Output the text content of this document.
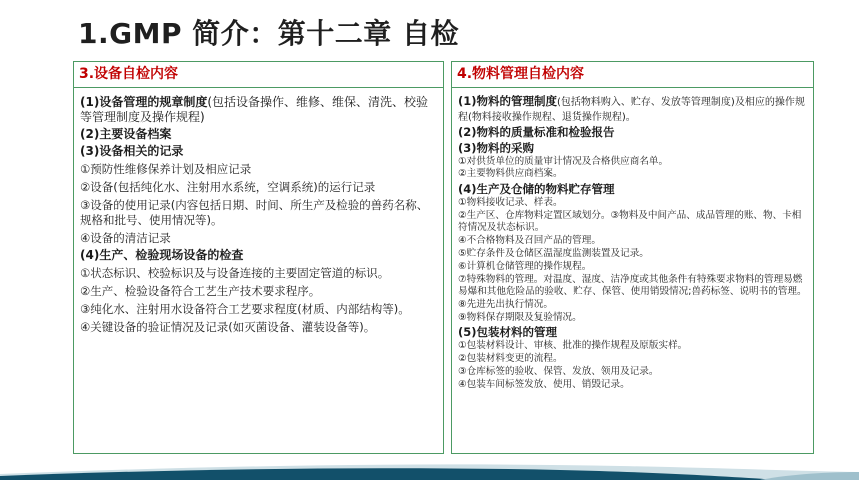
1.GMP 简介：第十二章 自检
3.设备自检内容
(1)设备管理的规章制度(包括设备操作、维修、维保、清洗、校验等管理制度及操作规程)
(2)主要设备档案
(3)设备相关的记录
①预防性维修保养计划及相应记录
②设备(包括纯化水、注射用水系统，空调系统)的运行记录
③设备的使用记录(内容包括日期、时间、所生产及检验的兽药名称、规格和批号、使用情况等)。
④设备的清洁记录
(4)生产、检验现场设备的检查
①状态标识、校验标识及与设备连接的主要固定管道的标识。
②生产、检验设备符合工艺生产技术要求程序。
③纯化水、注射用水设备符合工艺要求程度(材质、内部结构等)。
④关键设备的验证情况及记录(如灭菌设备、灌装设备等)。
4.物料管理自检内容
(1)物料的管理制度(包括物料购入、贮存、发放等管理制度)及相应的操作规程(物料接收操作规程、退货操作规程)。
(2)物料的质量标准和检验报告
(3)物料的采购
①对供货单位的质量审计情况及合格供应商名单。
②主要物料供应商档案。
(4)生产及仓储的物料贮存管理
①物料接收记录、样表。
②生产区、仓库物料定置区域划分。③物料及中间产品、成品管理的账、物、卡相符情况及状态标识。
④不合格物料及召回产品的管理。
⑤贮存条件及仓储区温湿度监测装置及记录。
⑥计算机仓储管理的操作规程。
⑦特殊物料的管理。对温度、湿度、洁净度或其他条件有特殊要求物料的管理易燃易爆和其他危险品的验收、贮存、保管、使用销毁情况;兽药标签、说明书的管理。
⑧先进先出执行情况。
⑨物料保存期限及复验情况。
(5)包装材料的管理
①包装材料设计、审核、批准的操作规程及原版实样。
②包装材料变更的流程。
③仓库标签的验收、保管、发放、领用及记录。
④包装车间标签发放、使用、销毁记录。
